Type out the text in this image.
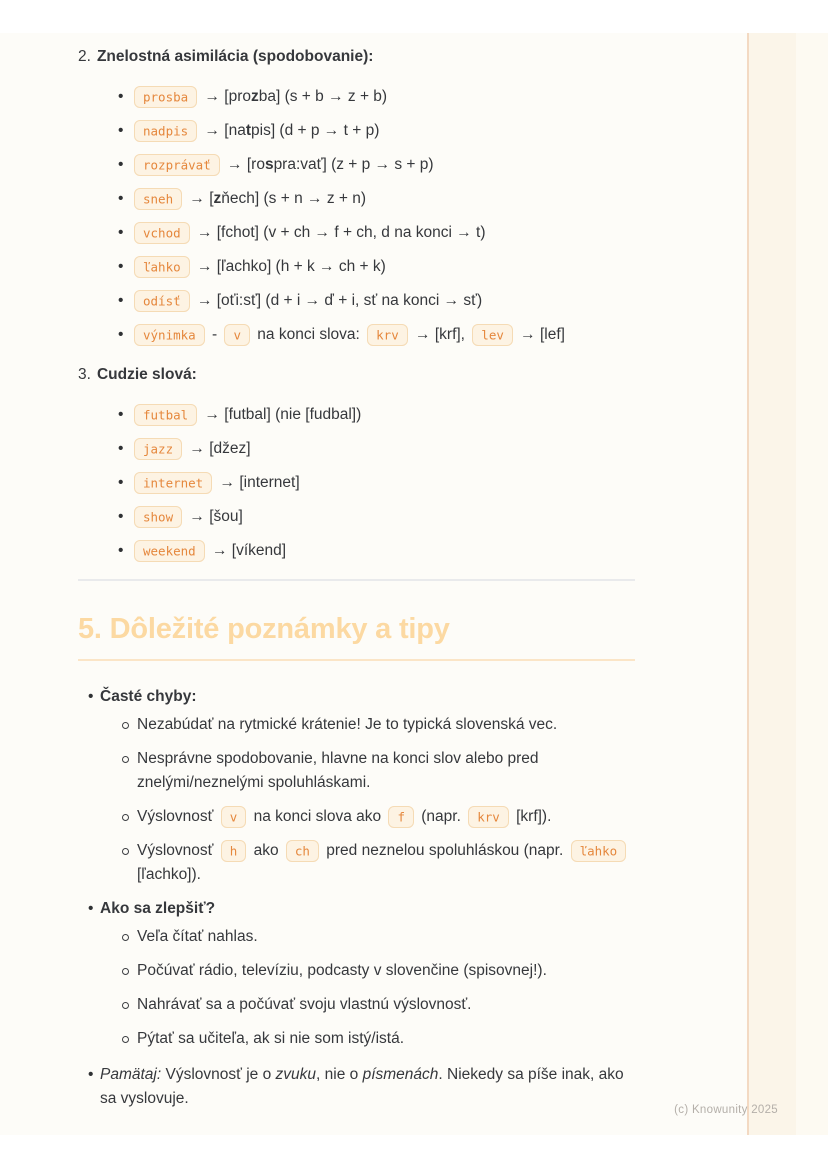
2. Znelostná asimilácia (spodobovanie):
•	prosba → [prozba] (s + b → z + b)
•	nadpis → [natpis] (d + p → t + p)
•	rozprávať → [rospra:vať] (z + p → s + p)
•	sneh → [zňech] (s + n → z + n)
•	vchod → [fchot] (v + ch → f + ch, d na konci → t)
•	ľahko → [ľachko] (h + k → ch + k)
•	odísť → [oťi:sť] (d + i → ď + i, sť na konci → sť)
•	výnimka - v na konci slova: krv → [krf], lev → [lef]
3. Cudzie slová:
•	futbal → [futbal] (nie [fudbal])
•	jazz → [džez]
•	internet → [internet]
•	show → [šou]
•	weekend → [víkend]
5. Dôležité poznámky a tipy
• Časté chyby:
Nezabúdať na rytmické krátenie! Je to typická slovenská vec.
Nesprávne spodobovanie, hlavne na konci slov alebo pred znelými/neznelými spoluhláskami.
Výslovnosť v na konci slova ako f (napr. krv [krf]).
Výslovnosť h ako ch pred neznelou spoluhláskou (napr. ľahko [ľachko]).
• Ako sa zlepšiť?
Veľa čítať nahlas.
Počúvať rádio, televíziu, podcasty v slovenčine (spisovnej!).
Nahrávať sa a počúvať svoju vlastnú výslovnosť.
Pýtať sa učiteľa, ak si nie som istý/istá.
• Pamätaj: Výslovnosť je o zvuku, nie o písmenách. Niekedy sa píše inak, ako sa vyslovuje.
(c) Knowunity 2025
